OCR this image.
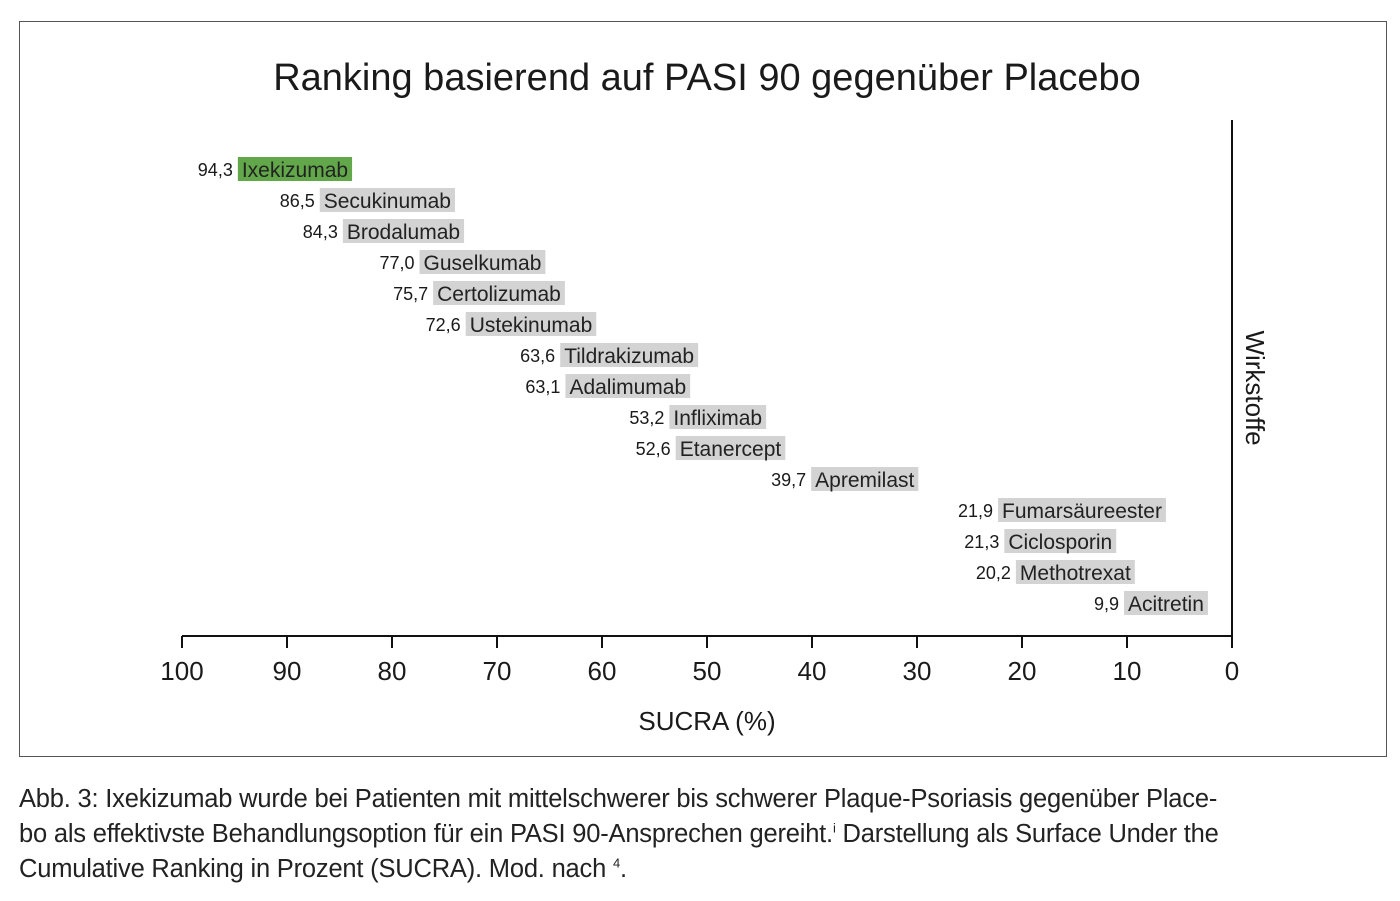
Ranking basierend auf PASI 90 gegenüber Placebo
100	90	80	70	60	50	40	30	20	10	0
Ixekizumab
94,3
Secukinumab
86,5
Brodalumab
84,3
Guselkumab
77,0
Certolizumab
75,7
Ustekinumab
72,6
Tildrakizumab
63,6
Adalimumab
63,1
Infliximab
53,2
Etanercept
52,6
Apremilast
39,7
Fumarsäureester
21,9
Ciclosporin
21,3
Methotrexat
20,2
Acitretin
9,9
SUCRA (%)
Wirkstoffe
Abb. 3: Ixekizumab wurde bei Patienten mit mittelschwerer bis schwerer Plaque-Psoriasis gegenüber Place-
bo als effektivste Behandlungsoption für ein PASI 90-Ansprechen gereiht.$^i$ Darstellung als Surface Under the
Cumulative Ranking in Prozent (SUCRA). Mod. nach $^4$.
